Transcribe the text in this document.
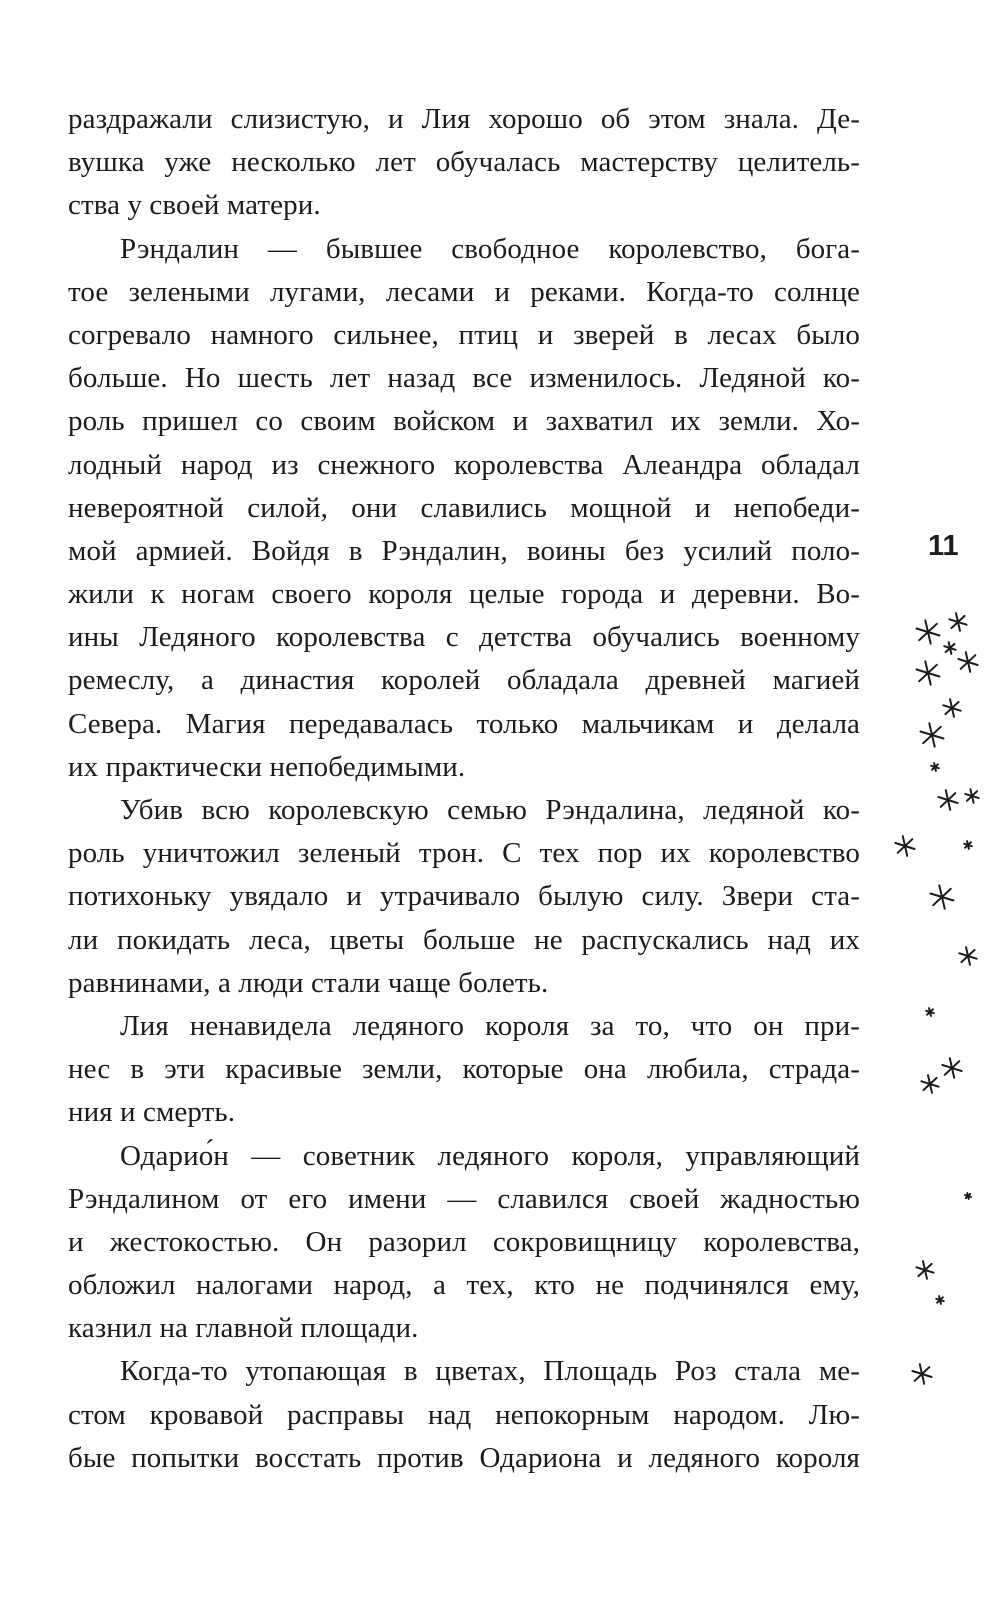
раздражали слизистую, и Лия хорошо об этом знала. Де-
вушка уже несколько лет обучалась мастерству целитель-
ства у своей матери.
Рэндалин — бывшее свободное королевство, бога-
тое зелеными лугами, лесами и реками. Когда-то солнце
согревало намного сильнее, птиц и зверей в лесах было
больше. Но шесть лет назад все изменилось. Ледяной ко-
роль пришел со своим войском и захватил их земли. Хо-
лодный народ из снежного королевства Алеандра обладал
невероятной силой, они славились мощной и непобеди-
мой армией. Войдя в Рэндалин, воины без усилий поло-
жили к ногам своего короля целые города и деревни. Во-
ины Ледяного королевства с детства обучались военному
ремеслу, а династия королей обладала древней магией
Севера. Магия передавалась только мальчикам и делала
их практически непобедимыми.
Убив всю королевскую семью Рэндалина, ледяной ко-
роль уничтожил зеленый трон. С тех пор их королевство
потихоньку увядало и утрачивало былую силу. Звери ста-
ли покидать леса, цветы больше не распускались над их
равнинами, а люди стали чаще болеть.
Лия ненавидела ледяного короля за то, что он при-
нес в эти красивые земли, которые она любила, страда-
ния и смерть.
Одарио́н — советник ледяного короля, управляющий
Рэндалином от его имени — славился своей жадностью
и жестокостью. Он разорил сокровищницу королевства,
обложил налогами народ, а тех, кто не подчинялся ему,
казнил на главной площади.
Когда-то утопающая в цветах, Площадь Роз стала ме-
стом кровавой расправы над непокорным народом. Лю-
бые попытки восстать против Одариона и ледяного короля
11
